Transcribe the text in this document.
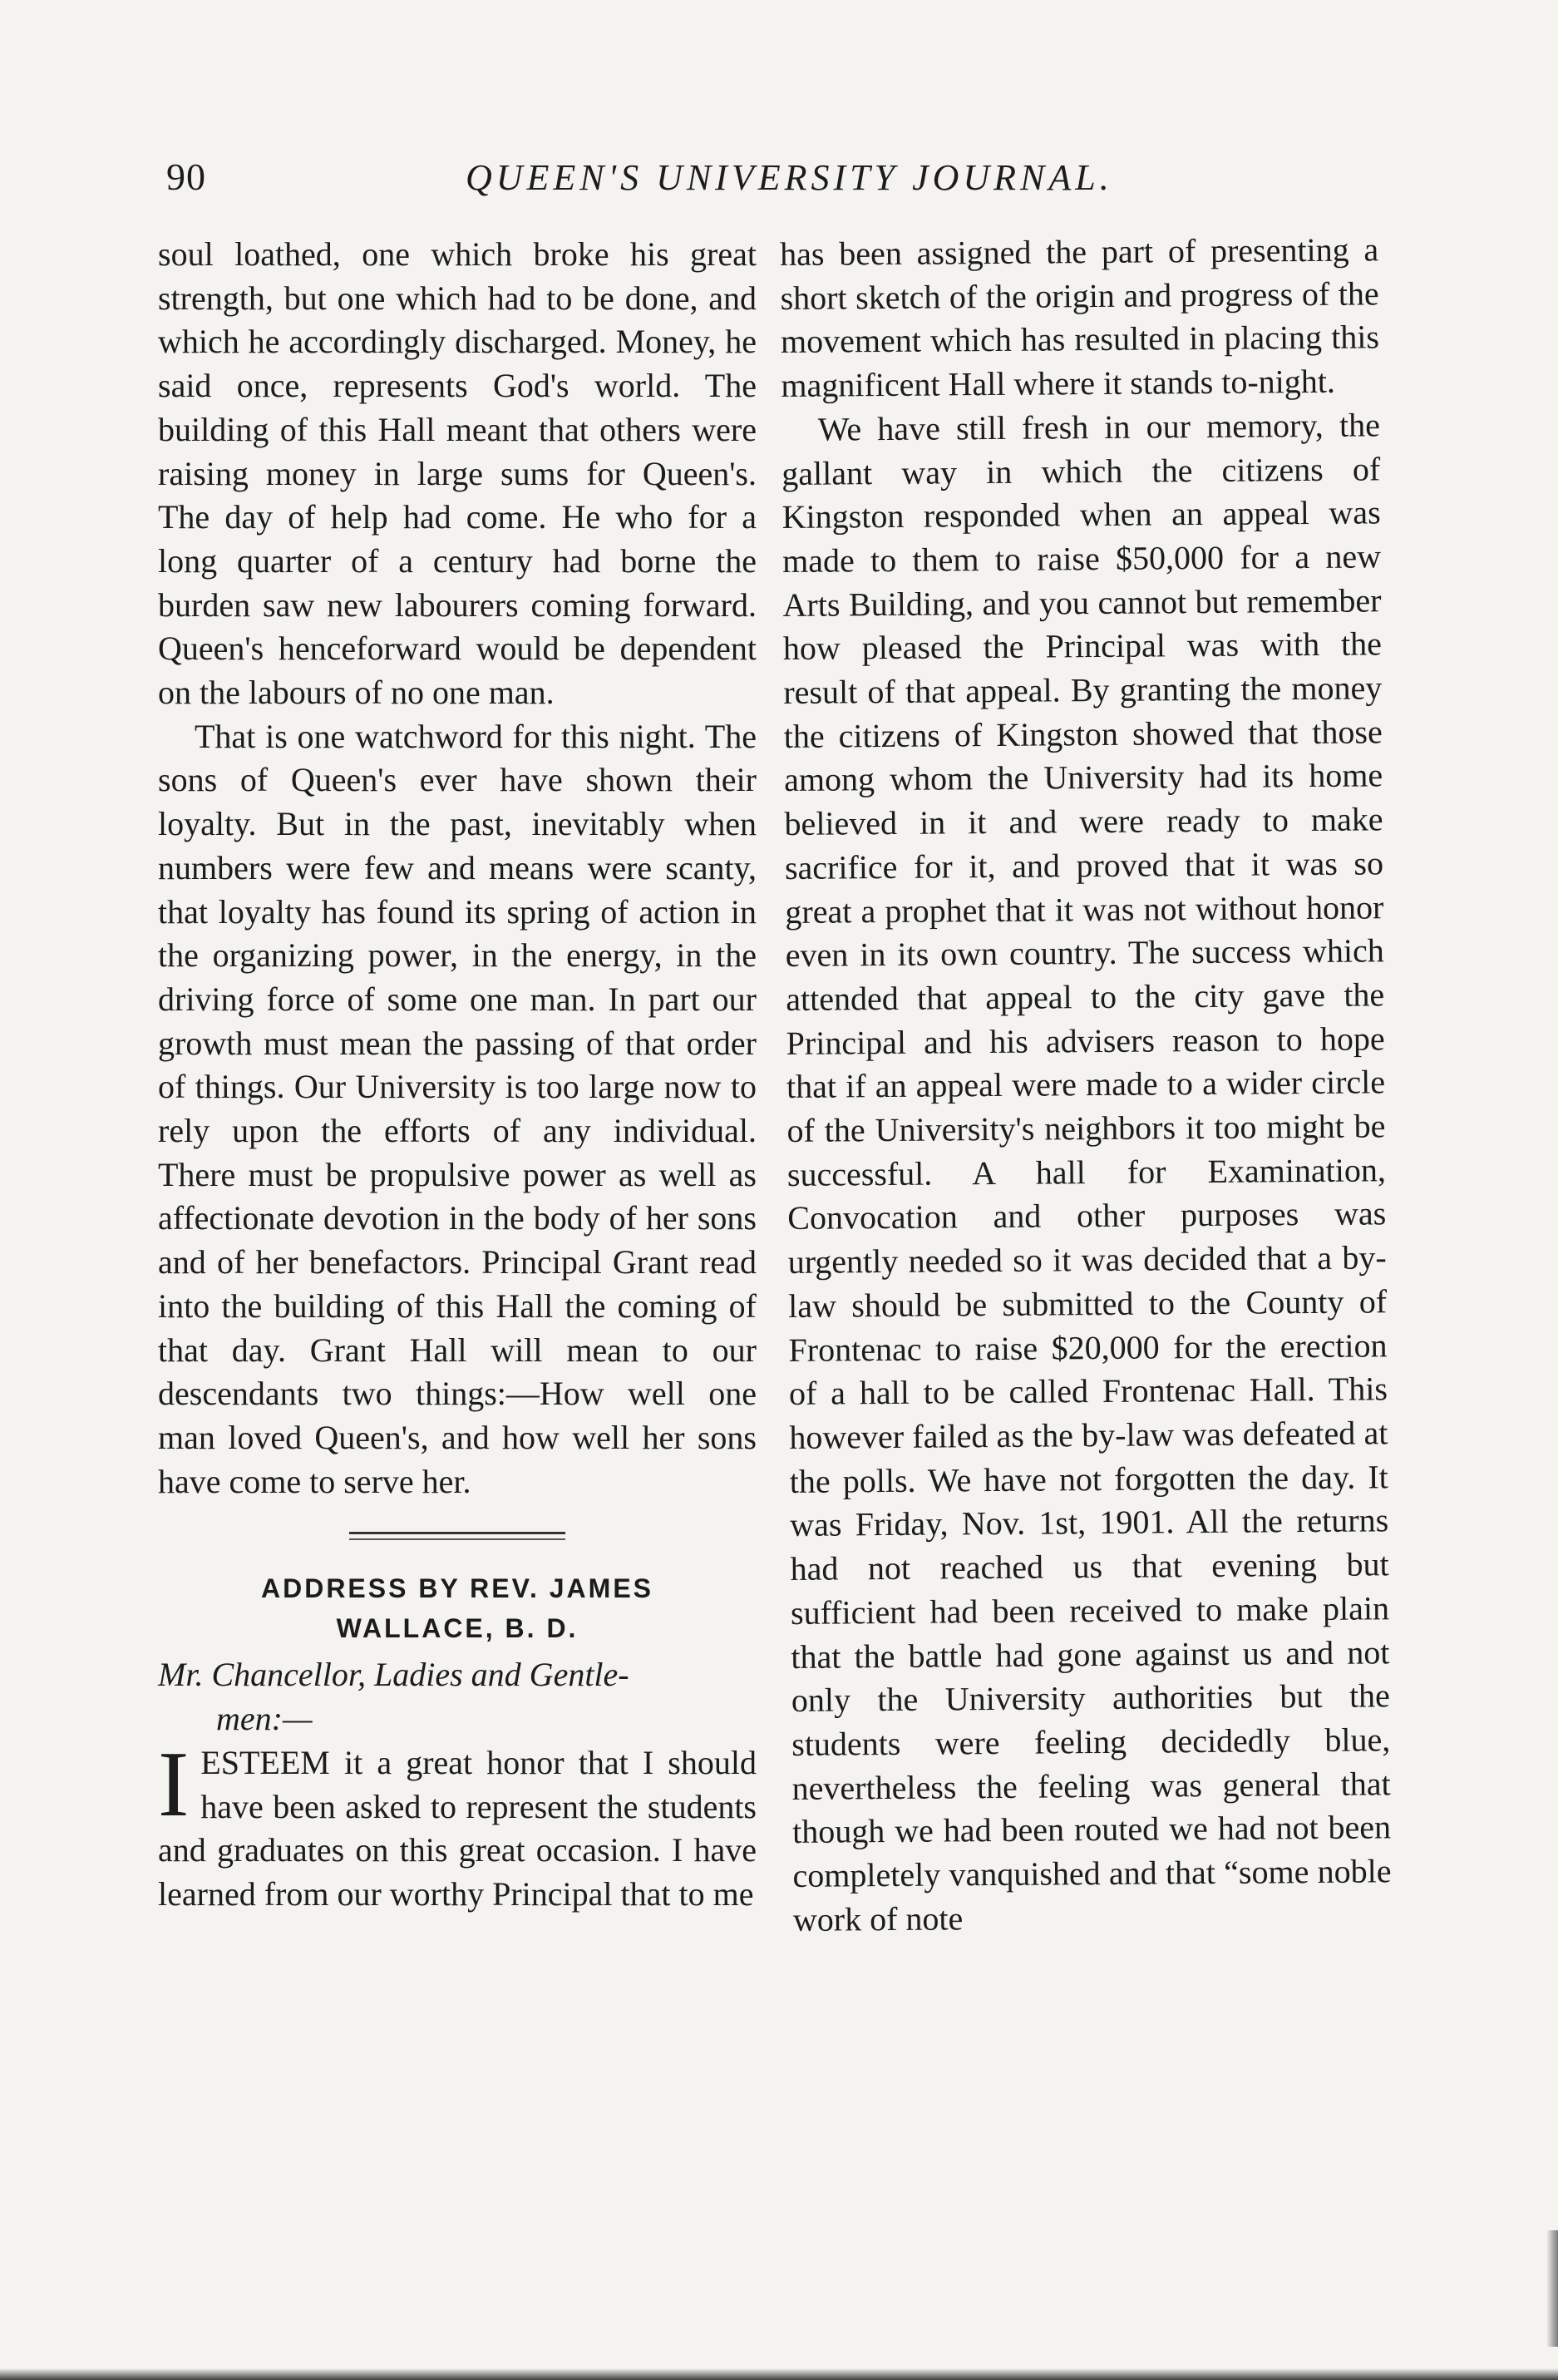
90	QUEEN'S UNIVERSITY JOURNAL.

soul loathed, one which broke his great strength, but one which had to be done, and which he accordingly discharged. Money, he said once, represents God's world. The building of this Hall meant that others were raising money in large sums for Queen's. The day of help had come. He who for a long quarter of a century had borne the burden saw new labourers coming forward. Queen's henceforward would be dependent on the labours of no one man.

That is one watchword for this night. The sons of Queen's ever have shown their loyalty. But in the past, inevitably when numbers were few and means were scanty, that loyalty has found its spring of action in the organizing power, in the energy, in the driving force of some one man. In part our growth must mean the passing of that order of things. Our University is too large now to rely upon the efforts of any individual. There must be propulsive power as well as affectionate devotion in the body of her sons and of her benefactors. Principal Grant read into the building of this Hall the coming of that day. Grant Hall will mean to our descendants two things:—How well one man loved Queen's, and how well her sons have come to serve her.

ADDRESS BY REV. JAMES
WALLACE, B. D.
Mr. Chancellor, Ladies and Gentle-
men:—

IESTEEM it a great honor that I should have been asked to represent the students and graduates on this great occasion. I have learned from our worthy Principal that to me

has been assigned the part of presenting a short sketch of the origin and progress of the movement which has resulted in placing this magnificent Hall where it stands to-night.

We have still fresh in our memory, the gallant way in which the citizens of Kingston responded when an appeal was made to them to raise $50,000 for a new Arts Building, and you cannot but remember how pleased the Principal was with the result of that appeal. By granting the money the citizens of Kingston showed that those among whom the University had its home believed in it and were ready to make sacrifice for it, and proved that it was so great a prophet that it was not without honor even in its own country. The success which attended that appeal to the city gave the Principal and his advisers reason to hope that if an appeal were made to a wider circle of the University's neighbors it too might be successful. A hall for Examination, Convocation and other purposes was urgently needed so it was decided that a by-law should be submitted to the County of Frontenac to raise $20,000 for the erection of a hall to be called Frontenac Hall. This however failed as the by-law was defeated at the polls. We have not forgotten the day. It was Friday, Nov. 1st, 1901. All the returns had not reached us that evening but sufficient had been received to make plain that the battle had gone against us and not only the University authorities but the students were feeling decidedly blue, nevertheless the feeling was general that though we had been routed we had not been completely vanquished and that “some noble work of note
